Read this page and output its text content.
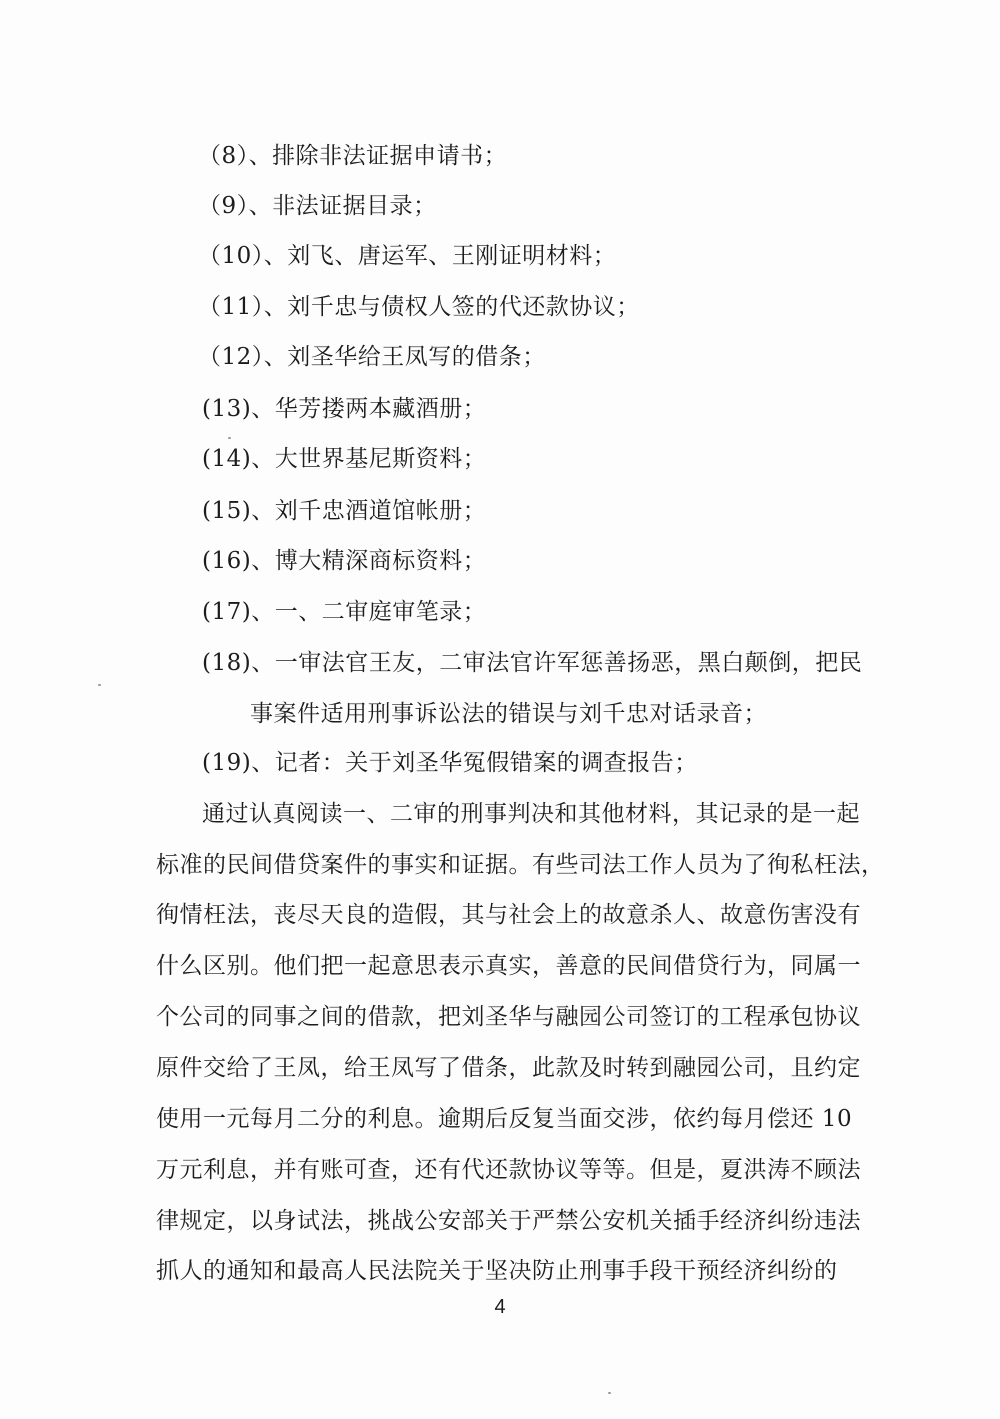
（8）、排除非法证据申请书；
（9）、非法证据目录；
（10）、刘飞、唐运军、王刚证明材料；
（11）、刘千忠与债权人签的代还款协议；
（12）、刘圣华给王凤写的借条；
(13)、华芳搂两本藏酒册；
(14)、大世界基尼斯资料；
(15)、刘千忠酒道馆帐册；
(16)、博大精深商标资料；
(17)、一、二审庭审笔录；
(18)、一审法官王友，二审法官许军惩善扬恶，黑白颠倒，把民
事案件适用刑事诉讼法的错误与刘千忠对话录音；
(19)、记者：关于刘圣华冤假错案的调查报告；
通过认真阅读一、二审的刑事判决和其他材料，其记录的是一起
标准的民间借贷案件的事实和证据。有些司法工作人员为了徇私枉法，
徇情枉法，丧尽天良的造假，其与社会上的故意杀人、故意伤害没有
什么区别。他们把一起意思表示真实，善意的民间借贷行为，同属一
个公司的同事之间的借款，把刘圣华与融园公司签订的工程承包协议
原件交给了王凤，给王凤写了借条，此款及时转到融园公司，且约定
使用一元每月二分的利息。逾期后反复当面交涉，依约每月偿还 10
万元利息，并有账可查，还有代还款协议等等。但是，夏洪涛不顾法
律规定，以身试法，挑战公安部关于严禁公安机关插手经济纠纷违法
抓人的通知和最高人民法院关于坚决防止刑事手段干预经济纠纷的
4
